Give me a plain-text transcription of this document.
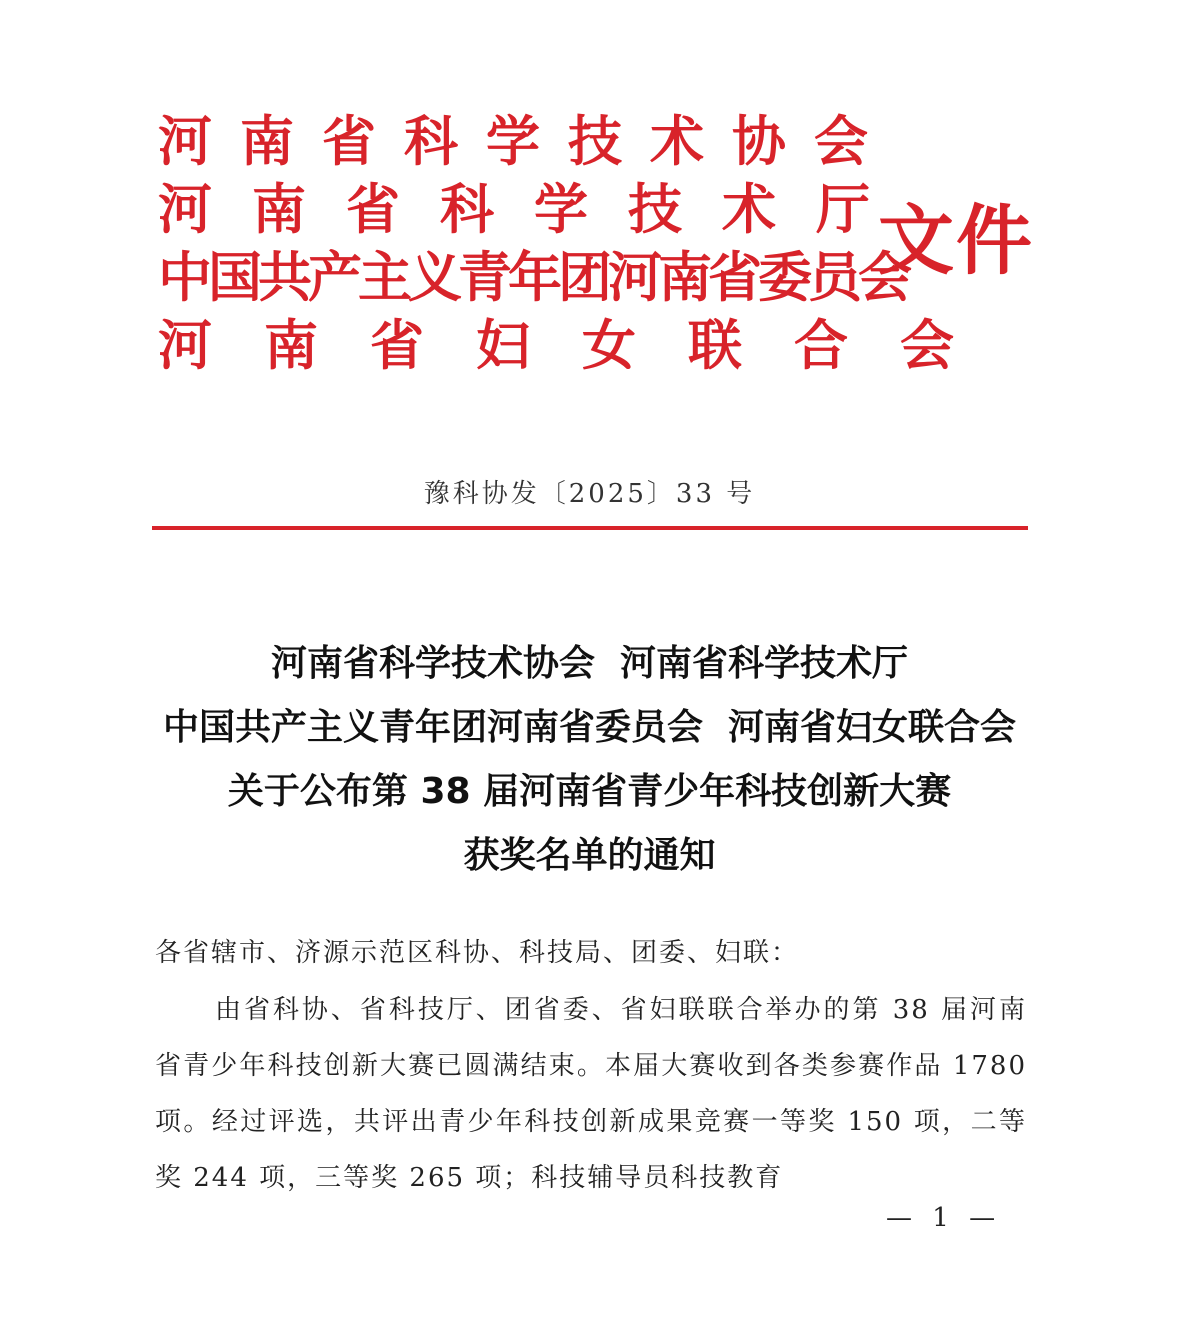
河南省科学技术协会
河南省科学技术厅
中国共产主义青年团河南省委员会
河南省妇女联合会
文件
豫科协发〔2025〕33 号
河南省科学技术协会  河南省科学技术厅
中国共产主义青年团河南省委员会  河南省妇女联合会
关于公布第 38 届河南省青少年科技创新大赛
获奖名单的通知
各省辖市、济源示范区科协、科技局、团委、妇联：
由省科协、省科技厅、团省委、省妇联联合举办的第 38 届河南省青少年科技创新大赛已圆满结束。本届大赛收到各类参赛作品 1780 项。经过评选，共评出青少年科技创新成果竞赛一等奖 150 项，二等奖 244 项，三等奖 265 项；科技辅导员科技教育
— 1 —
